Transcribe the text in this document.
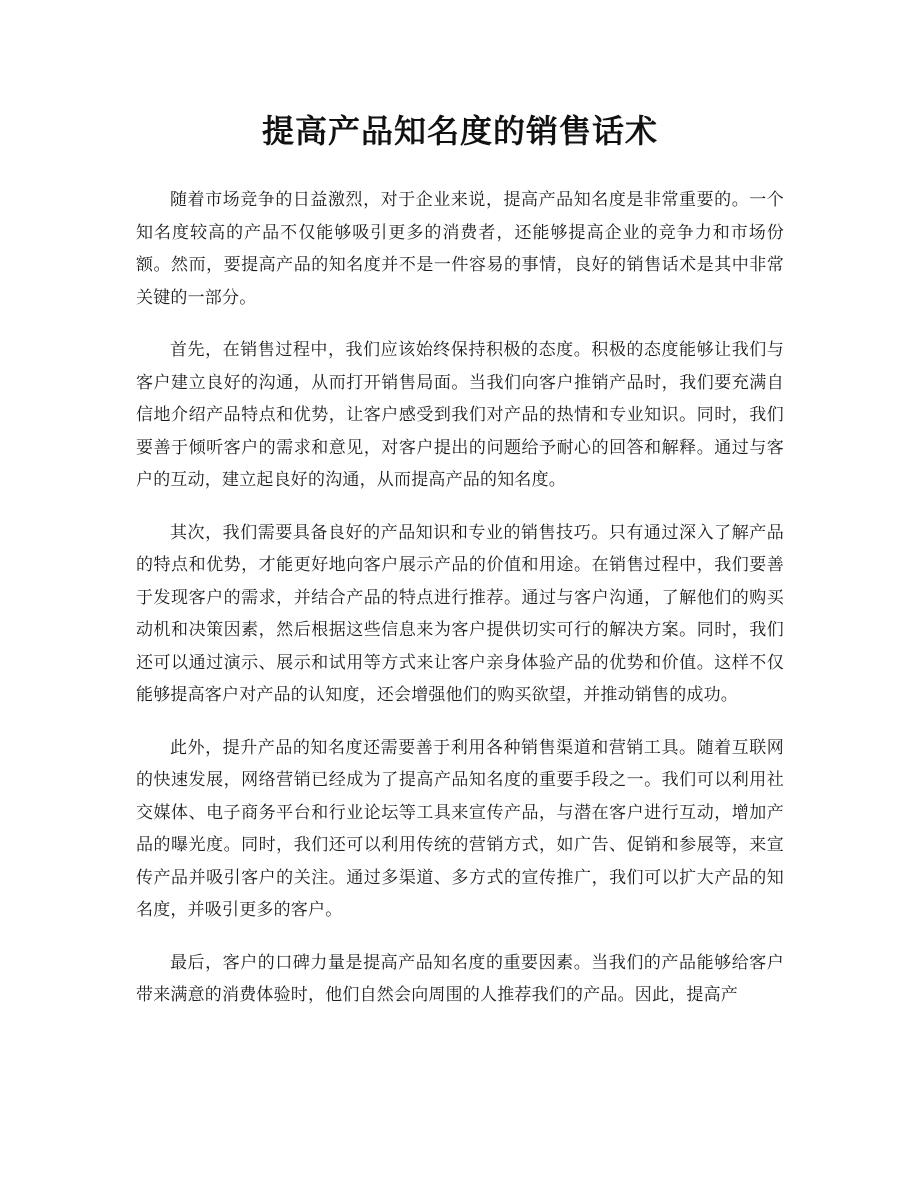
提高产品知名度的销售话术

随着市场竞争的日益激烈，对于企业来说，提高产品知名度是非常重要的。一个知名度较高的产品不仅能够吸引更多的消费者，还能够提高企业的竞争力和市场份额。然而，要提高产品的知名度并不是一件容易的事情，良好的销售话术是其中非常关键的一部分。

首先，在销售过程中，我们应该始终保持积极的态度。积极的态度能够让我们与客户建立良好的沟通，从而打开销售局面。当我们向客户推销产品时，我们要充满自信地介绍产品特点和优势，让客户感受到我们对产品的热情和专业知识。同时，我们要善于倾听客户的需求和意见，对客户提出的问题给予耐心的回答和解释。通过与客户的互动，建立起良好的沟通，从而提高产品的知名度。

其次，我们需要具备良好的产品知识和专业的销售技巧。只有通过深入了解产品的特点和优势，才能更好地向客户展示产品的价值和用途。在销售过程中，我们要善于发现客户的需求，并结合产品的特点进行推荐。通过与客户沟通，了解他们的购买动机和决策因素，然后根据这些信息来为客户提供切实可行的解决方案。同时，我们还可以通过演示、展示和试用等方式来让客户亲身体验产品的优势和价值。这样不仅能够提高客户对产品的认知度，还会增强他们的购买欲望，并推动销售的成功。

此外，提升产品的知名度还需要善于利用各种销售渠道和营销工具。随着互联网的快速发展，网络营销已经成为了提高产品知名度的重要手段之一。我们可以利用社交媒体、电子商务平台和行业论坛等工具来宣传产品，与潜在客户进行互动，增加产品的曝光度。同时，我们还可以利用传统的营销方式，如广告、促销和参展等，来宣传产品并吸引客户的关注。通过多渠道、多方式的宣传推广，我们可以扩大产品的知名度，并吸引更多的客户。

最后，客户的口碑力量是提高产品知名度的重要因素。当我们的产品能够给客户带来满意的消费体验时，他们自然会向周围的人推荐我们的产品。因此，提高产
